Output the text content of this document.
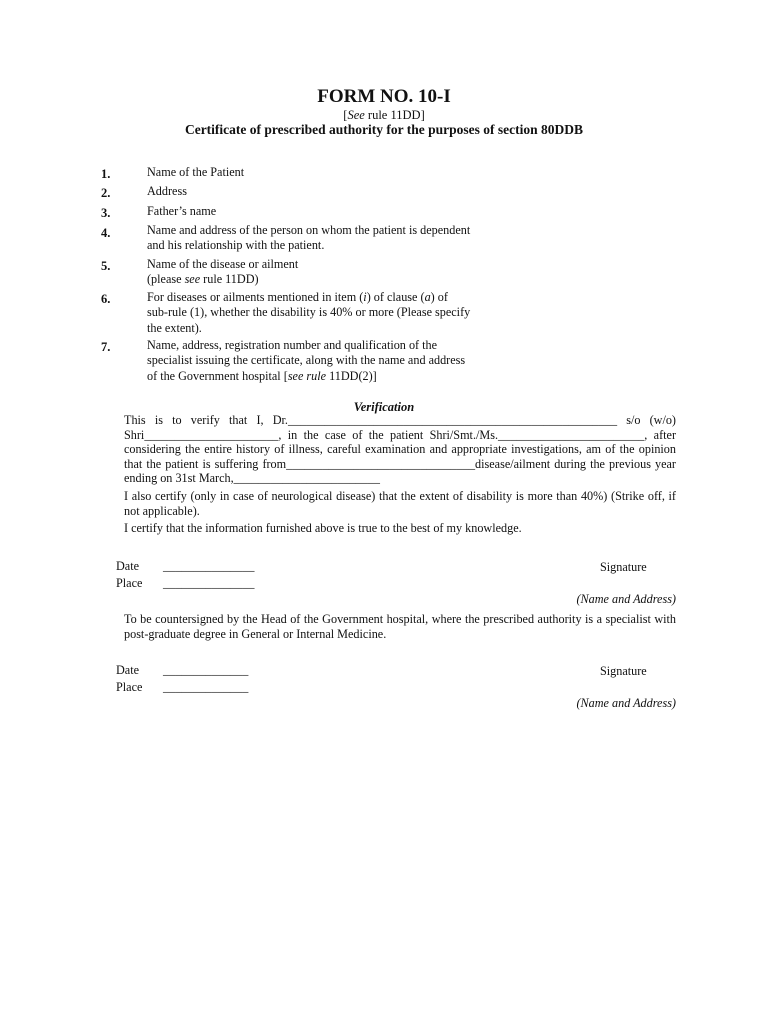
FORM NO. 10-I
[See rule 11DD]
Certificate of prescribed authority for the purposes of section 80DDB
1.	Name of the Patient
2.	Address
3.	Father’s name
4.	Name and address of the person on whom the patient is dependent
and his relationship with the patient.
5.	Name of the disease or ailment
(please see rule 11DD)
6.	For diseases or ailments mentioned in item (i) of clause (a) of
sub-rule (1), whether the disability is 40% or more (Please specify
the extent).
7.	Name, address, registration number and qualification of the
specialist issuing the certificate, along with the name and address
of the Government hospital [see rule 11DD(2)]
Verification
This is to verify that I, Dr.______________________________________________________ s/o (w/o) Shri______________________, in the case of the patient Shri/Smt./Ms.________________________, after considering the entire history of illness, careful examination and appropriate investigations, am of the opinion that the patient is suffering from_______________________________disease/ailment during the previous year ending on 31st March,________________________
I also certify (only in case of neurological disease) that the extent of disability is more than 40%) (Strike off, if not applicable).
I certify that the information furnished above is true to the best of my knowledge.
Date _______________
Place _______________
Signature
(Name and Address)
To be countersigned by the Head of the Government hospital, where the prescribed authority is a specialist with post-graduate degree in General or Internal Medicine.
Date ______________
Place ______________
Signature
(Name and Address)
